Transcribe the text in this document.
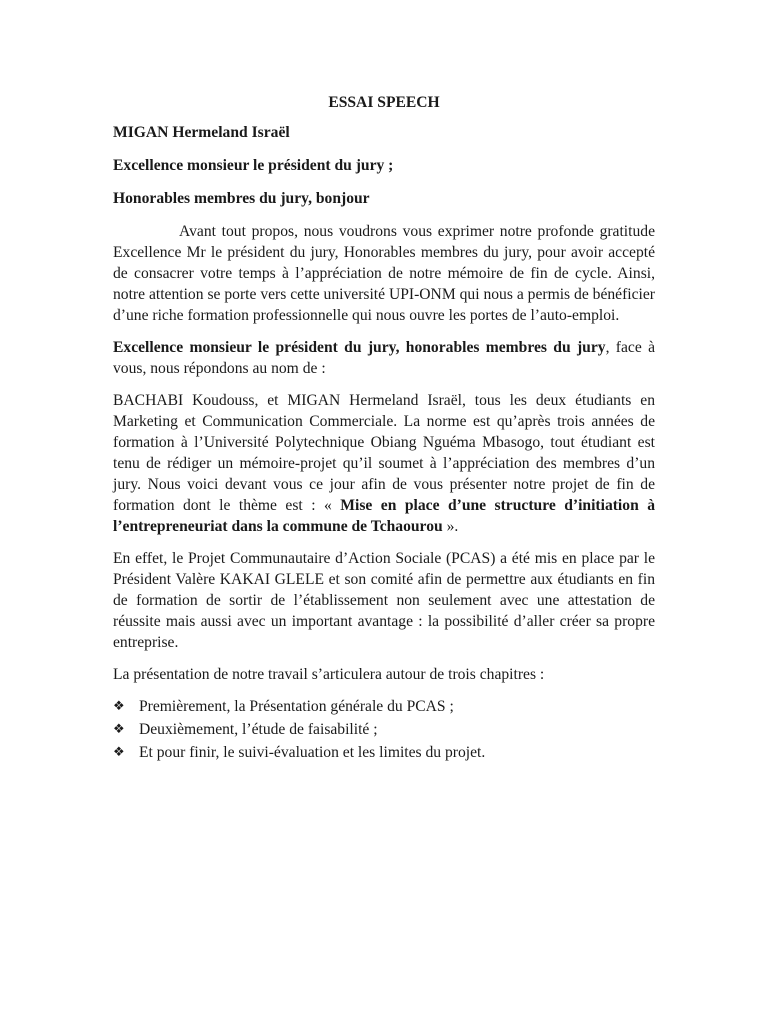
ESSAI SPEECH
MIGAN Hermeland Israël
Excellence monsieur le président du jury ;
Honorables membres du jury, bonjour

Avant tout propos, nous voudrons vous exprimer notre profonde gratitude Excellence Mr le président du jury, Honorables membres du jury, pour avoir accepté de consacrer votre temps à l’appréciation de notre mémoire de fin de cycle. Ainsi, notre attention se porte vers cette université UPI-ONM qui nous a permis de bénéficier d’une riche formation professionnelle qui nous ouvre les portes de l’auto-emploi.

Excellence monsieur le président du jury, honorables membres du jury, face à vous, nous répondons au nom de :

BACHABI Koudouss, et MIGAN Hermeland Israël, tous les deux étudiants en Marketing et Communication Commerciale. La norme est qu’après trois années de formation à l’Université Polytechnique Obiang Nguéma Mbasogo, tout étudiant est tenu de rédiger un mémoire-projet qu’il soumet à l’appréciation des membres d’un jury. Nous voici devant vous ce jour afin de vous présenter notre projet de fin de formation dont le thème est : « Mise en place d’une structure d’initiation à l’entrepreneuriat dans la commune de Tchaourou ».

En effet, le Projet Communautaire d’Action Sociale (PCAS) a été mis en place par le Président Valère KAKAI GLELE et son comité afin de permettre aux étudiants en fin de formation de sortir de l’établissement non seulement avec une attestation de réussite mais aussi avec un important avantage : la possibilité d’aller créer sa propre entreprise.

La présentation de notre travail s’articulera autour de trois chapitres :

❖ Premièrement, la Présentation générale du PCAS ;
❖ Deuxièmement, l’étude de faisabilité ;
❖ Et pour finir, le suivi-évaluation et les limites du projet.
